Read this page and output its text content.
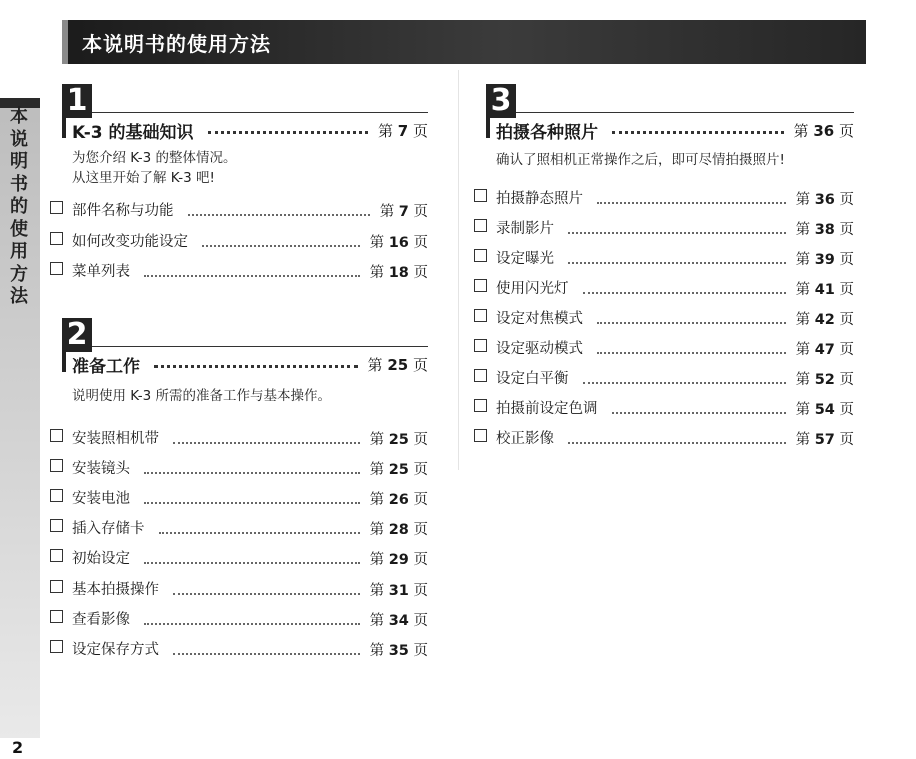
本说明书的使用方法
本
说
明
书
的
使
用
方
法
2
1
K-3 的基础知识	第 7 页
为您介绍 K-3 的整体情况。
从这里开始了解 K-3 吧!
2
准备工作	第 25 页
说明使用 K-3 所需的准备工作与基本操作。
3
拍摄各种照片	第 36 页
确认了照相机正常操作之后，即可尽情拍摄照片!
部件名称与功能	第 7 页
如何改变功能设定	第 16 页
菜单列表	第 18 页
安装照相机带	第 25 页
安装镜头	第 25 页
安装电池	第 26 页
插入存储卡	第 28 页
初始设定	第 29 页
基本拍摄操作	第 31 页
查看影像	第 34 页
设定保存方式	第 35 页
拍摄静态照片	第 36 页
录制影片	第 38 页
设定曝光	第 39 页
使用闪光灯	第 41 页
设定对焦模式	第 42 页
设定驱动模式	第 47 页
设定白平衡	第 52 页
拍摄前设定色调	第 54 页
校正影像	第 57 页
